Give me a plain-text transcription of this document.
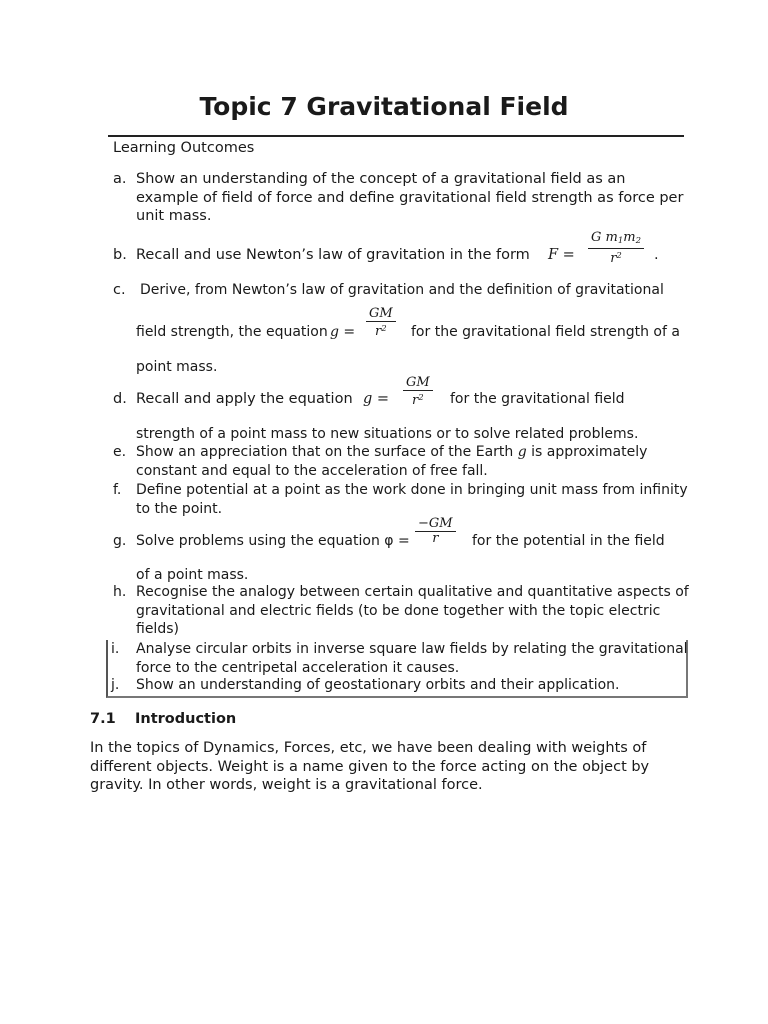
Topic 7 Gravitational Field
Learning Outcomes
a. Show an understanding of the concept of a gravitational field as an example of field of force and define gravitational field strength as force per unit mass.
b. Recall and use Newton’s law of gravitation in the form $F = \frac{G m_1m_2}{r^2}$ .
c. Derive, from Newton’s law of gravitation and the definition of gravitational
field strength, the equation $g = \frac{GM}{r^2}$ for the gravitational field strength of a
point mass.
d. Recall and apply the equation $g = \frac{GM}{r^2}$ for the gravitational field
strength of a point mass to new situations or to solve related problems.
e. Show an appreciation that on the surface of the Earth g is approximately constant and equal to the acceleration of free fall.
f. Define potential at a point as the work done in bringing unit mass from infinity to the point.
g. Solve problems using the equation $\varphi = \frac{-GM}{r}$ for the potential in the field
of a point mass.
h. Recognise the analogy between certain qualitative and quantitative aspects of gravitational and electric fields (to be done together with the topic electric fields)
i. Analyse circular orbits in inverse square law fields by relating the gravitational force to the centripetal acceleration it causes.
j. Show an understanding of geostationary orbits and their application.
7.1 Introduction
In the topics of Dynamics, Forces, etc, we have been dealing with weights of different objects. Weight is a name given to the force acting on the object by gravity. In other words, weight is a gravitational force.
